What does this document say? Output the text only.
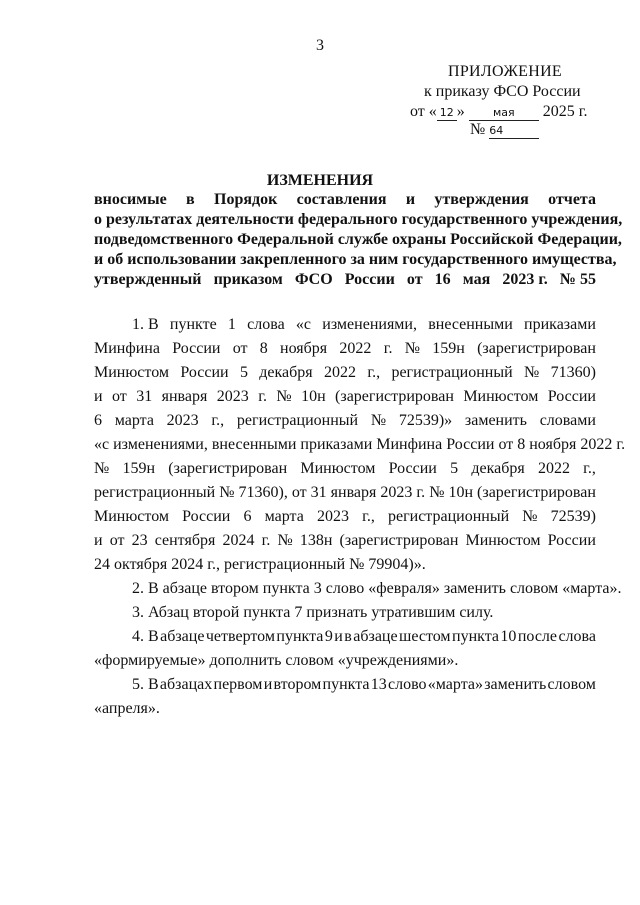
3
ПРИЛОЖЕНИЕ
к приказу ФСО России
от « 12 »	мая 2025 г.
№ 64
ИЗМЕНЕНИЯ
вносимые в Порядок составления и утверждения отчета
о результатах деятельности федерального государственного учреждения,
подведомственного Федеральной службе охраны Российской Федерации,
и об использовании закрепленного за ним государственного имущества,
утвержденный приказом ФСО России от 16 мая 2023 г. № 55
1. В пункте 1 слова «с изменениями, внесенными приказами
Минфина России от 8 ноября 2022 г. № 159н (зарегистрирован
Минюстом России 5 декабря 2022 г., регистрационный № 71360)
и от 31 января 2023 г. № 10н (зарегистрирован Минюстом России
6 марта 2023 г., регистрационный № 72539)» заменить словами
«с изменениями, внесенными приказами Минфина России от 8 ноября 2022 г.
№ 159н (зарегистрирован Минюстом России 5 декабря 2022 г.,
регистрационный № 71360), от 31 января 2023 г. № 10н (зарегистрирован
Минюстом России 6 марта 2023 г., регистрационный № 72539)
и от 23 сентября 2024 г. № 138н (зарегистрирован Минюстом России
24 октября 2024 г., регистрационный № 79904)».
2. В абзаце втором пункта 3 слово «февраля» заменить словом «марта».
3. Абзац второй пункта 7 признать утратившим силу.
4. В абзаце четвертом пункта 9 и в абзаце шестом пункта 10 после слова
«формируемые» дополнить словом «учреждениями».
5. В абзацах первом и втором пункта 13 слово «марта» заменить словом
«апреля».
